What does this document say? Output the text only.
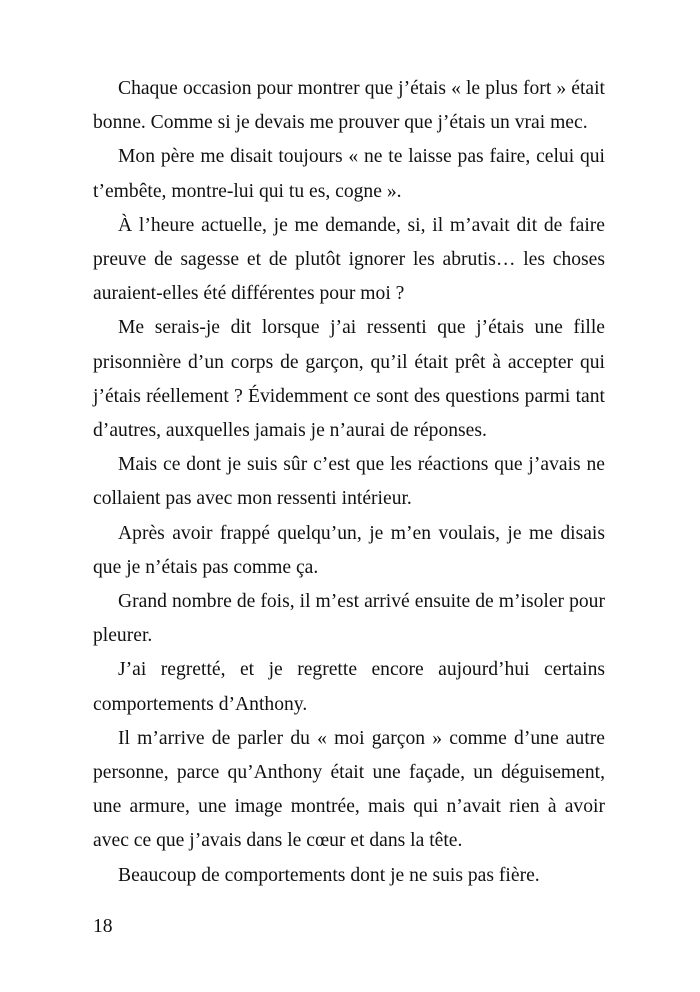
Chaque occasion pour montrer que j’étais « le plus fort » était bonne. Comme si je devais me prouver que j’étais un vrai mec.

Mon père me disait toujours « ne te laisse pas faire, celui qui t’embête, montre-lui qui tu es, cogne ».

À l’heure actuelle, je me demande, si, il m’avait dit de faire preuve de sagesse et de plutôt ignorer les abrutis… les choses auraient-elles été différentes pour moi ?

Me serais-je dit lorsque j’ai ressenti que j’étais une fille prisonnière d’un corps de garçon, qu’il était prêt à accepter qui j’étais réellement ? Évidemment ce sont des questions parmi tant d’autres, auxquelles jamais je n’aurai de réponses.

Mais ce dont je suis sûr c’est que les réactions que j’avais ne collaient pas avec mon ressenti intérieur.

Après avoir frappé quelqu’un, je m’en voulais, je me disais que je n’étais pas comme ça.

Grand nombre de fois, il m’est arrivé ensuite de m’isoler pour pleurer.

J’ai regretté, et je regrette encore aujourd’hui certains comportements d’Anthony.

Il m’arrive de parler du « moi garçon » comme d’une autre personne, parce qu’Anthony était une façade, un déguisement, une armure, une image montrée, mais qui n’avait rien à avoir avec ce que j’avais dans le cœur et dans la tête.

Beaucoup de comportements dont je ne suis pas fière.

18
